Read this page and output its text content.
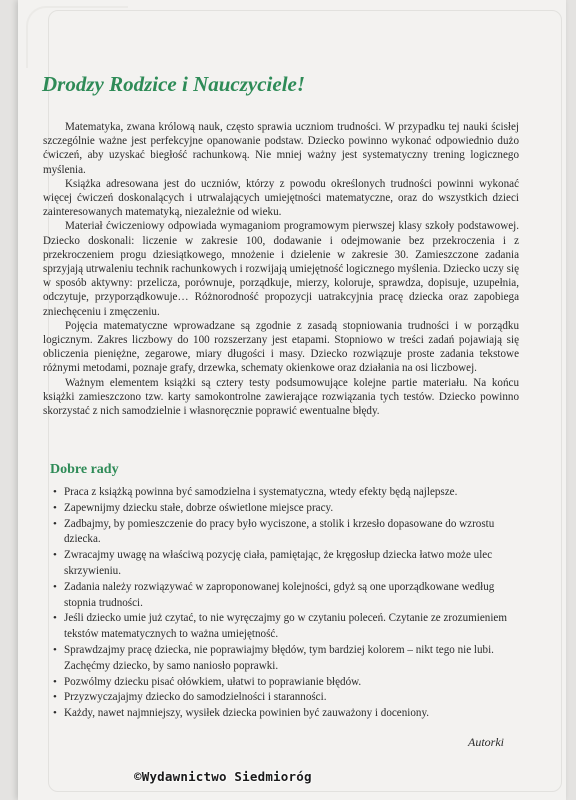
Drodzy Rodzice i Nauczyciele!

Matematyka, zwana królową nauk, często sprawia uczniom trudności. W przypadku tej nauki ścisłej szczególnie ważne jest perfekcyjne opanowanie podstaw. Dziecko powinno wykonać odpowiednio dużo ćwiczeń, aby uzyskać biegłość rachunkową. Nie mniej ważny jest systematyczny trening logicznego myślenia.

Książka adresowana jest do uczniów, którzy z powodu określonych trudności powinni wykonać więcej ćwiczeń doskonalących i utrwalających umiejętności matematyczne, oraz do wszystkich dzieci zainteresowanych matematyką, niezależnie od wieku.

Materiał ćwiczeniowy odpowiada wymaganiom programowym pierwszej klasy szkoły podstawowej. Dziecko doskonali: liczenie w zakresie 100, dodawanie i odejmowanie bez przekroczenia i z przekroczeniem progu dziesiątkowego, mnożenie i dzielenie w zakresie 30. Zamieszczone zadania sprzyjają utrwaleniu technik rachunkowych i rozwijają umiejętność logicznego myślenia. Dziecko uczy się w sposób aktywny: przelicza, porównuje, porządkuje, mierzy, koloruje, sprawdza, dopisuje, uzupełnia, odczytuje, przyporządkowuje… Różnorodność propozycji uatrakcyjnia pracę dziecka oraz zapobiega zniechęceniu i zmęczeniu.

Pojęcia matematyczne wprowadzane są zgodnie z zasadą stopniowania trudności i w porządku logicznym. Zakres liczbowy do 100 rozszerzany jest etapami. Stopniowo w treści zadań pojawiają się obliczenia pieniężne, zegarowe, miary długości i masy. Dziecko rozwiązuje proste zadania tekstowe różnymi metodami, poznaje grafy, drzewka, schematy okienkowe oraz działania na osi liczbowej.

Ważnym elementem książki są cztery testy podsumowujące kolejne partie materiału. Na końcu książki zamieszczono tzw. karty samokontrolne zawierające rozwiązania tych testów. Dziecko powinno skorzystać z nich samodzielnie i własnoręcznie poprawić ewentualne błędy.

Dobre rady
• Praca z książką powinna być samodzielna i systematyczna, wtedy efekty będą najlepsze.
• Zapewnijmy dziecku stałe, dobrze oświetlone miejsce pracy.
• Zadbajmy, by pomieszczenie do pracy było wyciszone, a stolik i krzesło dopasowane do wzrostu dziecka.
• Zwracajmy uwagę na właściwą pozycję ciała, pamiętając, że kręgosłup dziecka łatwo może ulec skrzywieniu.
• Zadania należy rozwiązywać w zaproponowanej kolejności, gdyż są one uporządkowane według stopnia trudności.
• Jeśli dziecko umie już czytać, to nie wyręczajmy go w czytaniu poleceń. Czytanie ze zrozumieniem tekstów matematycznych to ważna umiejętność.
• Sprawdzajmy pracę dziecka, nie poprawiajmy błędów, tym bardziej kolorem – nikt tego nie lubi. Zachęćmy dziecko, by samo naniosło poprawki.
• Pozwólmy dziecku pisać ołówkiem, ułatwi to poprawianie błędów.
• Przyzwyczajajmy dziecko do samodzielności i staranności.
• Każdy, nawet najmniejszy, wysiłek dziecka powinien być zauważony i doceniony.
Autorki
©Wydawnictwo Siedmioróg
